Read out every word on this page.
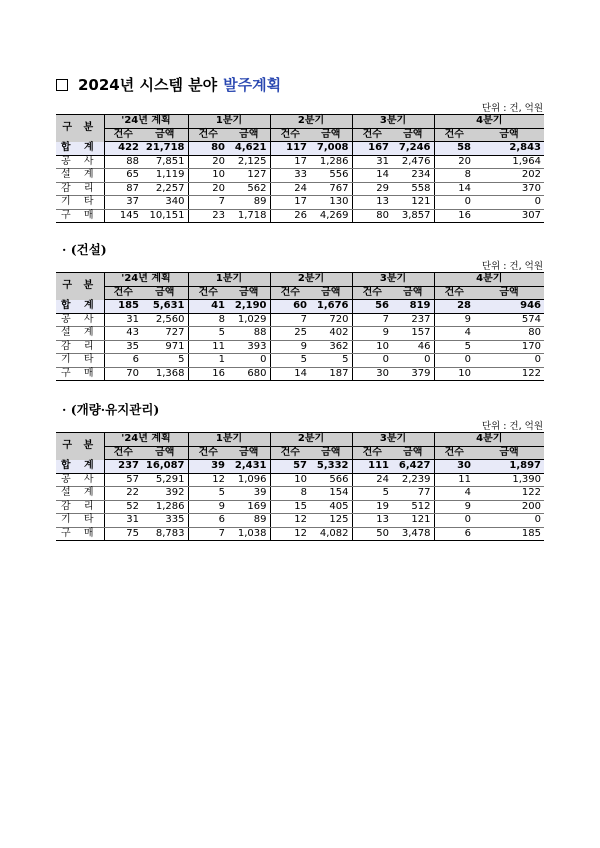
2024년 시스템 분야 발주계획
단위 : 건, 억원
구 분	'24년 계획		1분기		2분기		3분기		4분기	
	건수	금액	건수	금액	건수	금액	건수	금액	건수	금액
합 계	422	21,718	80	4,621	117	7,008	167	7,246	58	2,843
공 사	88	7,851	20	2,125	17	1,286	31	2,476	20	1,964
설 계	65	1,119	10	127	33	556	14	234	8	202
감 리	87	2,257	20	562	24	767	29	558	14	370
기 타	37	340	7	89	17	130	13	121	0	0
구 매	145	10,151	23	1,718	26	4,269	80	3,857	16	307
· (건설)
단위 : 건, 억원
구 분	'24년 계획		1분기		2분기		3분기		4분기	
	건수	금액	건수	금액	건수	금액	건수	금액	건수	금액
합 계	185	5,631	41	2,190	60	1,676	56	819	28	946
공 사	31	2,560	8	1,029	7	720	7	237	9	574
설 계	43	727	5	88	25	402	9	157	4	80
감 리	35	971	11	393	9	362	10	46	5	170
기 타	6	5	1	0	5	5	0	0	0	0
구 매	70	1,368	16	680	14	187	30	379	10	122
· (개량·유지관리)
단위 : 건, 억원
구 분	'24년 계획		1분기		2분기		3분기		4분기	
	건수	금액	건수	금액	건수	금액	건수	금액	건수	금액
합 계	237	16,087	39	2,431	57	5,332	111	6,427	30	1,897
공 사	57	5,291	12	1,096	10	566	24	2,239	11	1,390
설 계	22	392	5	39	8	154	5	77	4	122
감 리	52	1,286	9	169	15	405	19	512	9	200
기 타	31	335	6	89	12	125	13	121	0	0
구 매	75	8,783	7	1,038	12	4,082	50	3,478	6	185
